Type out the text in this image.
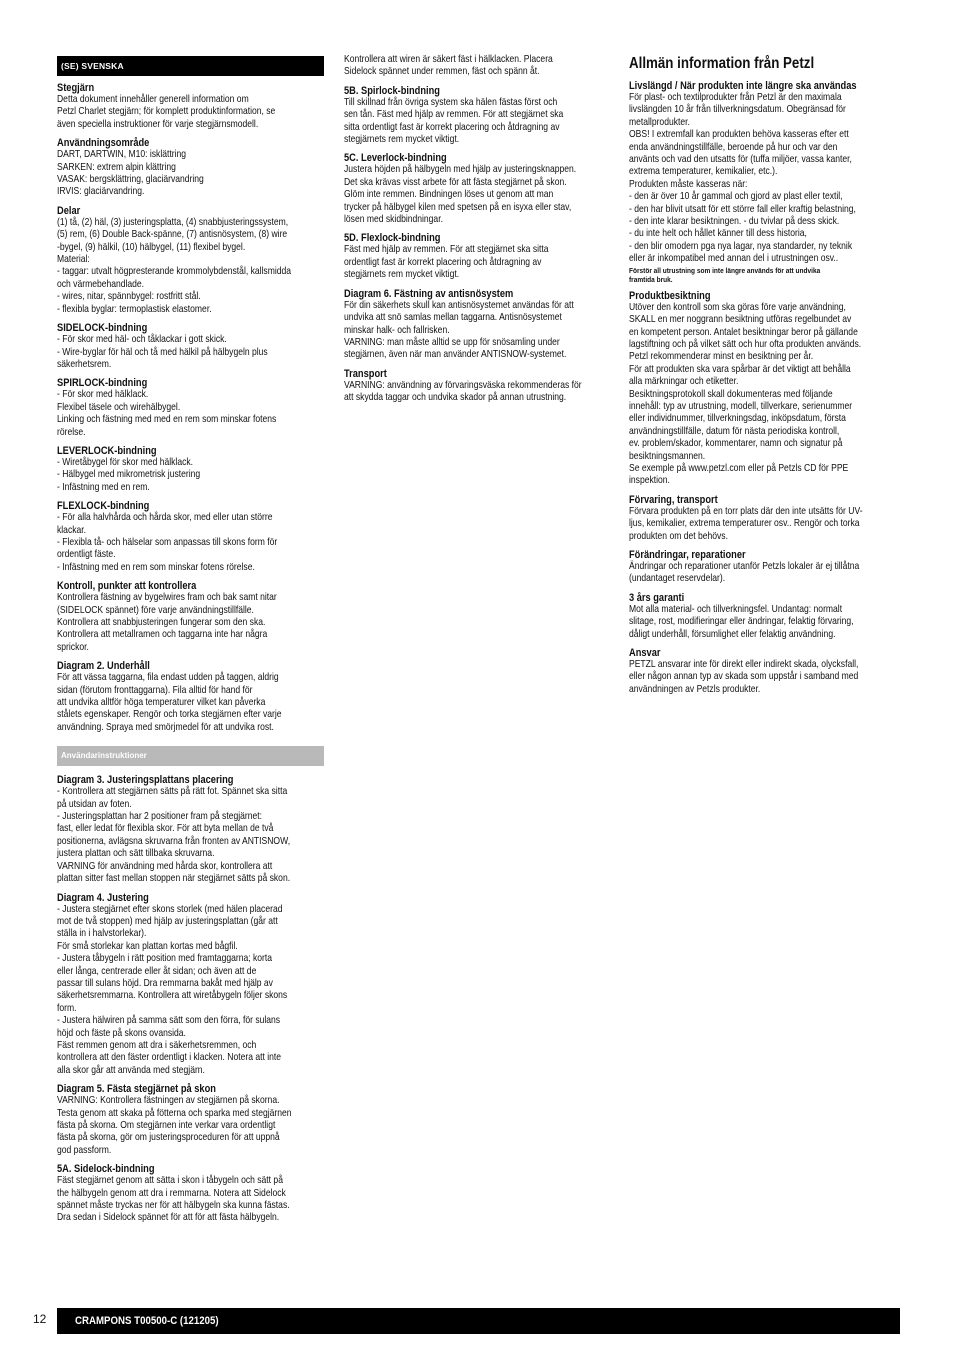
(SE) SVENSKA
Stegjärn
Detta dokument innehåller generell information om
Petzl Charlet stegjärn; för komplett produktinformation, se
även speciella instruktioner för varje stegjärnsmodell.
Användningsområde
DART, DARTWIN, M10: isklättring
SARKEN: extrem alpin klättring
VASAK: bergsklättring, glaciärvandring
IRVIS: glaciärvandring.
Delar
(1) tå, (2) häl, (3) justeringsplatta, (4) snabbjusteringssystem,
(5) rem, (6) Double Back-spänne, (7) antisnösystem, (8) wire
-bygel, (9) hälkil, (10) hälbygel, (11) flexibel bygel.
Material:
- taggar: utvalt högpresterande krommolybdenstål, kallsmidda
och värmebehandlade.
- wires, nitar, spännbygel: rostfritt stål.
- flexibla byglar: termoplastisk elastomer.
SIDELOCK-bindning
- För skor med häl- och tåklackar i gott skick.
- Wire-byglar för häl och tå med hälkil på hälbygeln plus
säkerhetsrem.
SPIRLOCK-bindning
- För skor med hälklack.
Flexibel täsele och wirehälbygel.
Linking och fästning med med en rem som minskar fotens
rörelse.
LEVERLOCK-bindning
- Wiretåbygel för skor med hälklack.
- Hälbygel med mikrometrisk justering
- Infästning med en rem.
FLEXLOCK-bindning
- För alla halvhårda och hårda skor, med eller utan större
klackar.
- Flexibla tå- och hälselar som anpassas till skons form för
ordentligt fäste.
- Infästning med en rem som minskar fotens rörelse.
Kontroll, punkter att kontrollera
Kontrollera fästning av bygelwires fram och bak samt nitar
(SIDELOCK spännet) före varje användningstillfälle.
Kontrollera att snabbjusteringen fungerar som den ska.
Kontrollera att metallramen och taggarna inte har några
sprickor.
Diagram 2. Underhåll
För att vässa taggarna, fila endast udden på taggen, aldrig
sidan (förutom fronttaggarna). Fila alltid för hand för
att undvika alltför höga temperaturer vilket kan påverka
stålets egenskaper. Rengör och torka stegjärnen efter varje
användning. Spraya med smörjmedel för att undvika rost.
Användarinstruktioner
Diagram 3. Justeringsplattans placering
- Kontrollera att stegjärnen sätts på rätt fot. Spännet ska sitta
på utsidan av foten.
- Justeringsplattan har 2 positioner fram på stegjärnet:
fast, eller ledat för flexibla skor. För att byta mellan de två
positionerna, avlägsna skruvarna från fronten av ANTISNOW,
justera plattan och sätt tillbaka skruvarna.
VARNING för användning med hårda skor, kontrollera att
plattan sitter fast mellan stoppen när stegjärnet sätts på skon.
Diagram 4. Justering
- Justera stegjärnet efter skons storlek (med hälen placerad
mot de två stoppen) med hjälp av justeringsplattan (går att
ställa in i halvstorlekar).
För små storlekar kan plattan kortas med bågfil.
- Justera tåbygeln i rätt position med framtaggarna; korta
eller långa, centrerade eller åt sidan; och även att de
passar till sulans höjd. Dra remmarna bakåt med hjälp av
säkerhetsremmarna. Kontrollera att wiretåbygeln följer skons
form.
- Justera hälwiren på samma sätt som den förra, för sulans
höjd och fäste på skons ovansida.
Fäst remmen genom att dra i säkerhetsremmen, och
kontrollera att den fäster ordentligt i klacken. Notera att inte
alla skor går att använda med stegjärn.
Diagram 5. Fästa stegjärnet på skon
VARNING: Kontrollera fästningen av stegjärnen på skorna.
Testa genom att skaka på fötterna och sparka med stegjärnen
fästa på skorna. Om stegjärnen inte verkar vara ordentligt
fästa på skorna, gör om justeringsproceduren för att uppnå
god passform.
5A. Sidelock-bindning
Fäst stegjärnet genom att sätta i skon i tåbygeln och sätt på
the hälbygeln genom att dra i remmarna. Notera att Sidelock
spännet måste tryckas ner för att hälbygeln ska kunna fästas.
Dra sedan i Sidelock spännet för att för att fästa hälbygeln.
Kontrollera att wiren är säkert fäst i hälklacken. Placera
Sidelock spännet under remmen, fäst och spänn åt.
5B. Spirlock-bindning
Till skillnad från övriga system ska hälen fästas först och
sen tån. Fäst med hjälp av remmen. För att stegjärnet ska
sitta ordentligt fast är korrekt placering och åtdragning av
stegjärnets rem mycket viktigt.
5C. Leverlock-bindning
Justera höjden på hälbygeln med hjälp av justeringsknappen.
Det ska krävas visst arbete för att fästa stegjärnet på skon.
Glöm inte remmen. Bindningen löses ut genom att man
trycker på hälbygel kilen med spetsen på en isyxa eller stav,
lösen med skidbindningar.
5D. Flexlock-bindning
Fäst med hjälp av remmen. För att stegjärnet ska sitta
ordentligt fast är korrekt placering och åtdragning av
stegjärnets rem mycket viktigt.
Diagram 6. Fästning av antisnösystem
För din säkerhets skull kan antisnösystemet användas för att
undvika att snö samlas mellan taggarna. Antisnösystemet
minskar halk- och fallrisken.
VARNING: man måste alltid se upp för snösamling under
stegjärnen, även när man använder ANTISNOW-systemet.
Transport
VARNING: användning av förvaringsväska rekommenderas för
att skydda taggar och undvika skador på annan utrustning.
Allmän information från Petzl
Livslängd / När produkten inte längre ska användas
För plast- och textilprodukter från Petzl är den maximala
livslängden 10 år från tillverkningsdatum. Obegränsad för
metallprodukter.
OBS! I extremfall kan produkten behöva kasseras efter ett
enda användningstillfälle, beroende på hur och var den
använts och vad den utsatts för (tuffa miljöer, vassa kanter,
extrema temperaturer, kemikalier, etc.).
Produkten måste kasseras när:
- den är över 10 år gammal och gjord av plast eller textil,
- den har blivit utsatt för ett större fall eller kraftig belastning,
- den inte klarar besiktningen. - du tvivlar på dess skick.
- du inte helt och hållet känner till dess historia,
- den blir omodern pga nya lagar, nya standarder, ny teknik
eller är inkompatibel med annan del i utrustningen osv..
Förstör all utrustning som inte längre används för att undvika
framtida bruk.
Produktbesiktning
Utöver den kontroll som ska göras före varje användning,
SKALL en mer noggrann besiktning utföras regelbundet av
en kompetent person. Antalet besiktningar beror på gällande
lagstiftning och på vilket sätt och hur ofta produkten används.
Petzl rekommenderar minst en besiktning per år.
För att produkten ska vara spårbar är det viktigt att behålla
alla märkningar och etiketter.
Besiktningsprotokoll skall dokumenteras med följande
innehåll: typ av utrustning, modell, tillverkare, serienummer
eller individnummer, tillverkningsdag, inköpsdatum, första
användningstillfälle, datum för nästa periodiska kontroll,
ev. problem/skador, kommentarer, namn och signatur på
besiktningsmannen.
Se exemple på www.petzl.com eller på Petzls CD för PPE
inspektion.
Förvaring, transport
Förvara produkten på en torr plats där den inte utsätts för UV-
ljus, kemikalier, extrema temperaturer osv.. Rengör och torka
produkten om det behövs.
Förändringar, reparationer
Ändringar och reparationer utanför Petzls lokaler är ej tillåtna
(undantaget reservdelar).
3 års garanti
Mot alla material- och tillverkningsfel. Undantag: normalt
slitage, rost, modifieringar eller ändringar, felaktig förvaring,
dåligt underhåll, försumlighet eller felaktig användning.
Ansvar
PETZL ansvarar inte för direkt eller indirekt skada, olycksfall,
eller någon annan typ av skada som uppstår i samband med
användningen av Petzls produkter.
12	CRAMPONS T00500-C (121205)
